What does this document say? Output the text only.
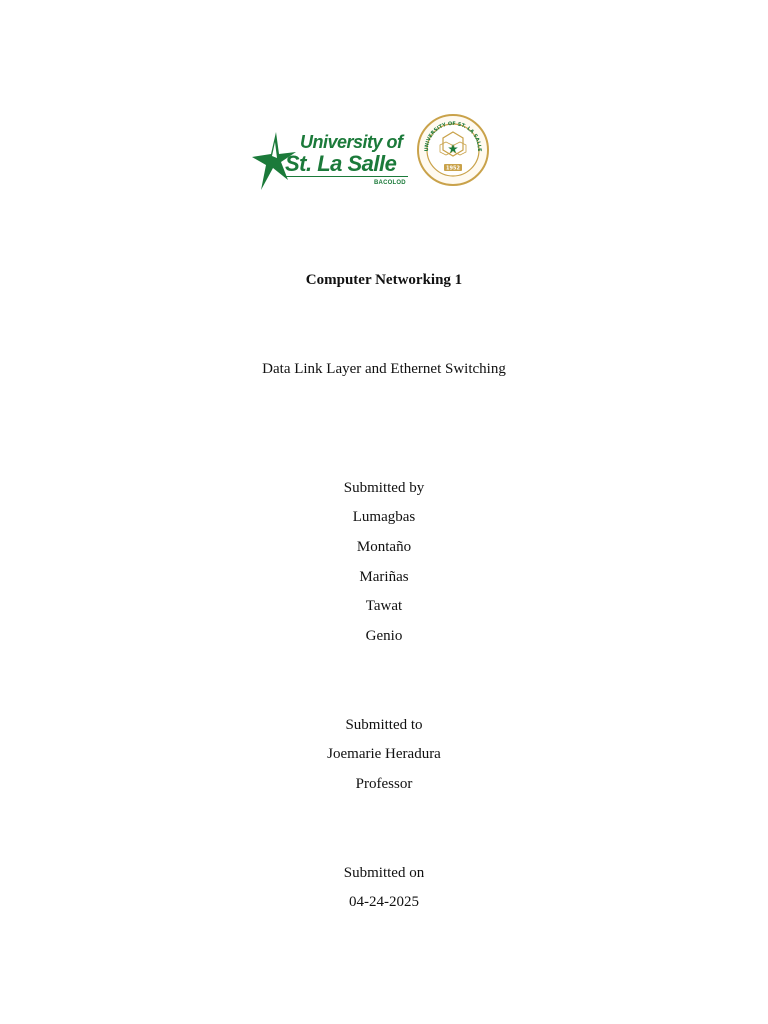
University of
St. La Salle
BACOLOD
UNIVERSITY OF ST. LA SALLE
1952
Computer Networking 1
Data Link Layer and Ethernet Switching
Submitted by
Lumagbas
Montaño
Mariñas
Tawat
Genio
Submitted to
Joemarie Heradura
Professor
Submitted on
04-24-2025
